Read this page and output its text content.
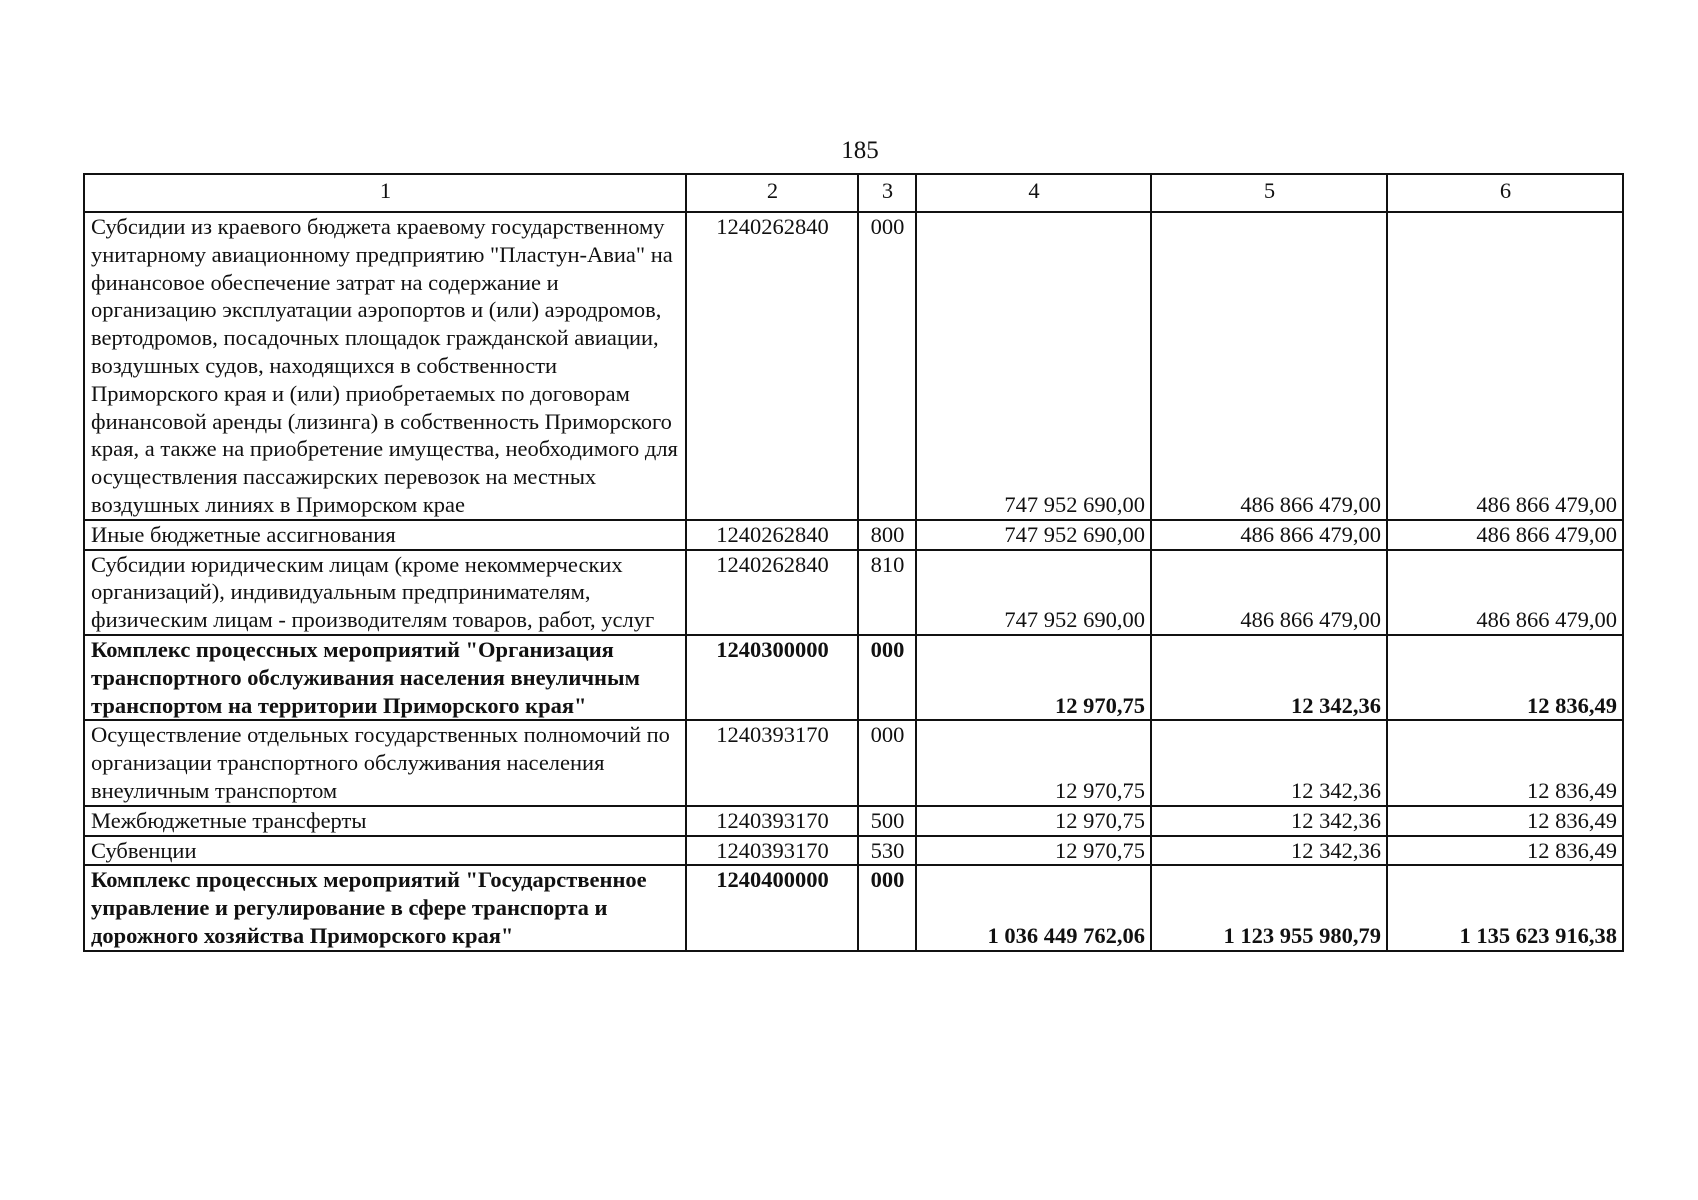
185
1	2	3	4	5	6
Субсидии из краевого бюджета краевому государственному унитарному авиационному предприятию "Пластун-Авиа" на финансовое обеспечение затрат на содержание и организацию эксплуатации аэропортов и (или) аэродромов, вертодромов, посадочных площадок гражданской авиации, воздушных судов, находящихся в собственности Приморского края и (или) приобретаемых по договорам финансовой аренды (лизинга) в собственность Приморского края, а также на приобретение имущества, необходимого для осуществления пассажирских перевозок на местных воздушных линиях в Приморском крае	1240262840	000	747 952 690,00	486 866 479,00	486 866 479,00
Иные бюджетные ассигнования	1240262840	800	747 952 690,00	486 866 479,00	486 866 479,00
Субсидии юридическим лицам (кроме некоммерческих организаций), индивидуальным предпринимателям, физическим лицам - производителям товаров, работ, услуг	1240262840	810	747 952 690,00	486 866 479,00	486 866 479,00
Комплекс процессных мероприятий "Организация транспортного обслуживания населения внеуличным транспортом на территории Приморского края"	1240300000	000	12 970,75	12 342,36	12 836,49
Осуществление отдельных государственных полномочий по организации транспортного обслуживания населения внеуличным транспортом	1240393170	000	12 970,75	12 342,36	12 836,49
Межбюджетные трансферты	1240393170	500	12 970,75	12 342,36	12 836,49
Субвенции	1240393170	530	12 970,75	12 342,36	12 836,49
Комплекс процессных мероприятий "Государственное управление и регулирование в сфере транспорта и дорожного хозяйства Приморского края"	1240400000	000	1 036 449 762,06	1 123 955 980,79	1 135 623 916,38
